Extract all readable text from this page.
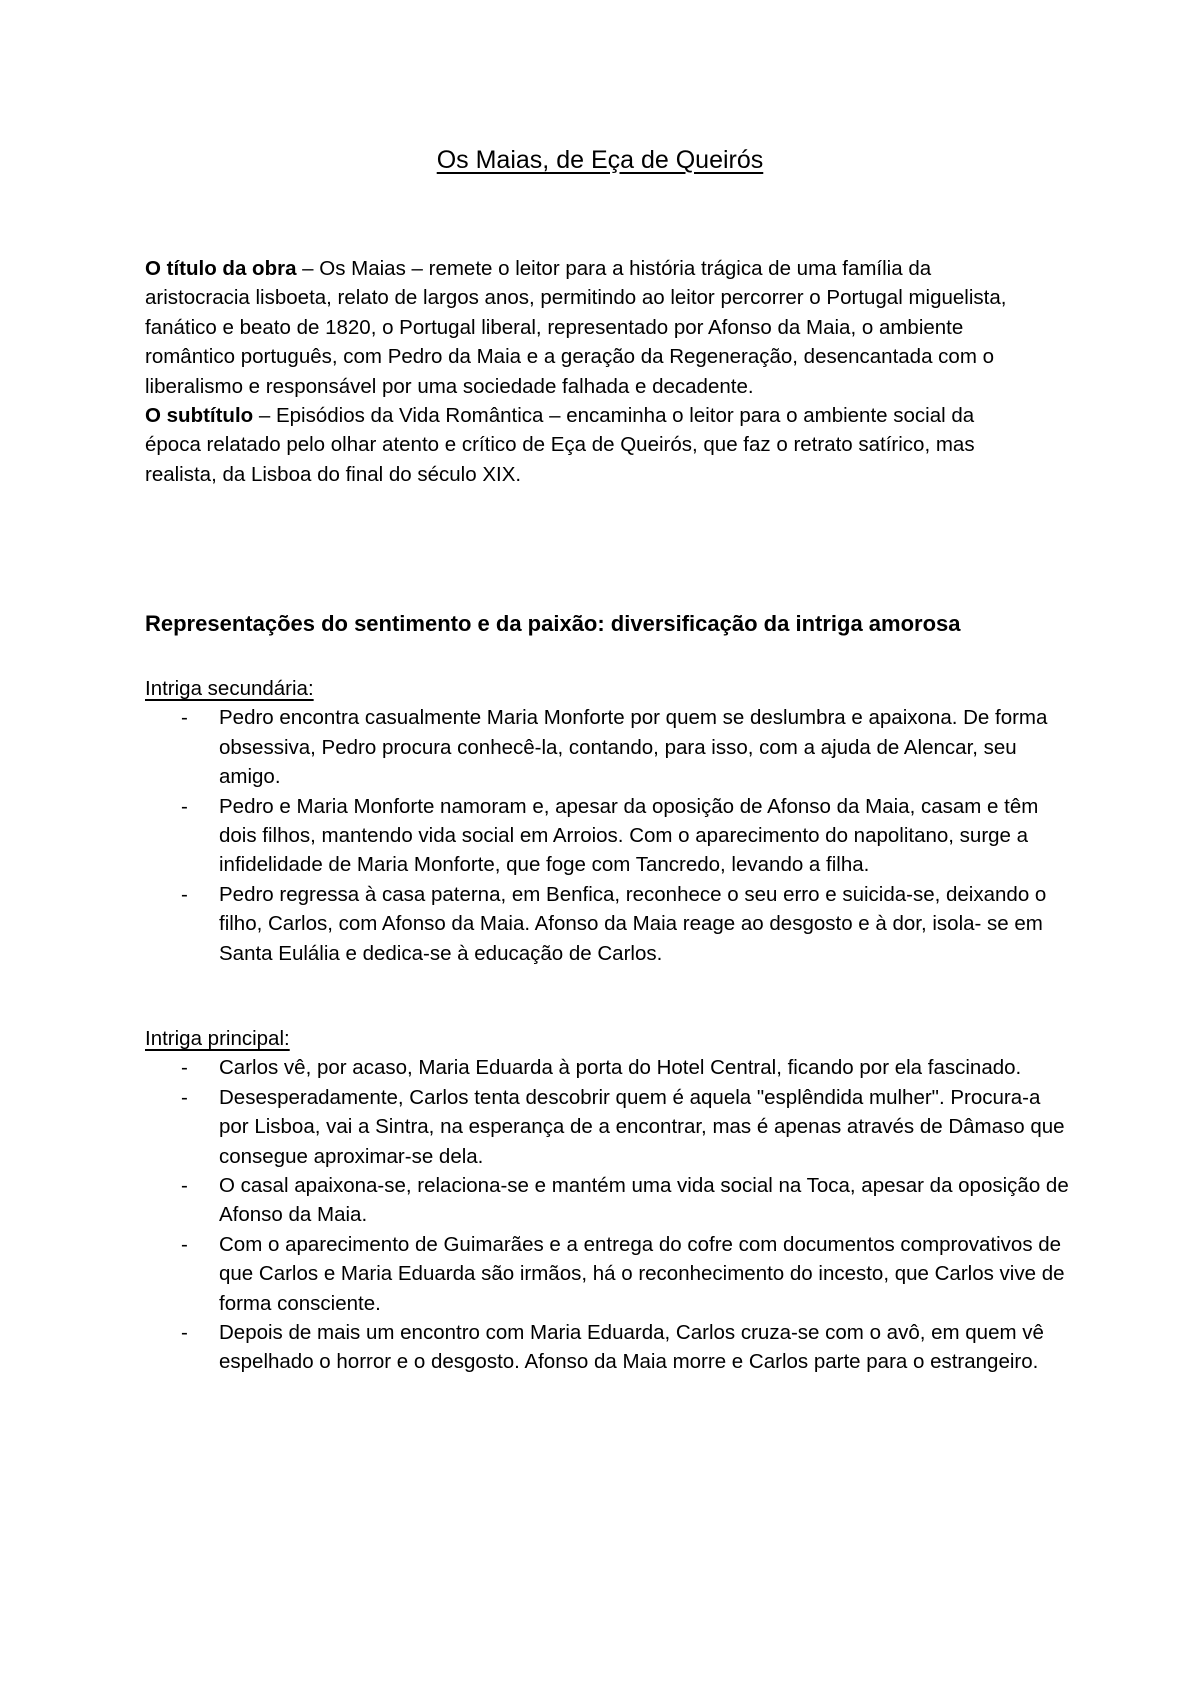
Os Maias, de Eça de Queirós

O título da obra – Os Maias – remete o leitor para a história trágica de uma família da aristocracia lisboeta, relato de largos anos, permitindo ao leitor percorrer o Portugal miguelista, fanático e beato de 1820, o Portugal liberal, representado por Afonso da Maia, o ambiente romântico português, com Pedro da Maia e a geração da Regeneração, desencantada com o liberalismo e responsável por uma sociedade falhada e decadente.

O subtítulo – Episódios da Vida Romântica – encaminha o leitor para o ambiente social da época relatado pelo olhar atento e crítico de Eça de Queirós, que faz o retrato satírico, mas realista, da Lisboa do final do século XIX.

Representações do sentimento e da paixão: diversificação da intriga amorosa

Intriga secundária:

- Pedro encontra casualmente Maria Monforte por quem se deslumbra e apaixona. De forma obsessiva, Pedro procura conhecê-la, contando, para isso, com a ajuda de Alencar, seu amigo.
- Pedro e Maria Monforte namoram e, apesar da oposição de Afonso da Maia, casam e têm dois filhos, mantendo vida social em Arroios. Com o aparecimento do napolitano, surge a infidelidade de Maria Monforte, que foge com Tancredo, levando a filha.
- Pedro regressa à casa paterna, em Benfica, reconhece o seu erro e suicida-se, deixando o filho, Carlos, com Afonso da Maia. Afonso da Maia reage ao desgosto e à dor, isola- se em Santa Eulália e dedica-se à educação de Carlos.

Intriga principal:

- Carlos vê, por acaso, Maria Eduarda à porta do Hotel Central, ficando por ela fascinado.
- Desesperadamente, Carlos tenta descobrir quem é aquela "esplêndida mulher". Procura-a por Lisboa, vai a Sintra, na esperança de a encontrar, mas é apenas através de Dâmaso que consegue aproximar-se dela.
- O casal apaixona-se, relaciona-se e mantém uma vida social na Toca, apesar da oposição de Afonso da Maia.
- Com o aparecimento de Guimarães e a entrega do cofre com documentos comprovativos de que Carlos e Maria Eduarda são irmãos, há o reconhecimento do incesto, que Carlos vive de forma consciente.
- Depois de mais um encontro com Maria Eduarda, Carlos cruza-se com o avô, em quem vê espelhado o horror e o desgosto. Afonso da Maia morre e Carlos parte para o estrangeiro.
